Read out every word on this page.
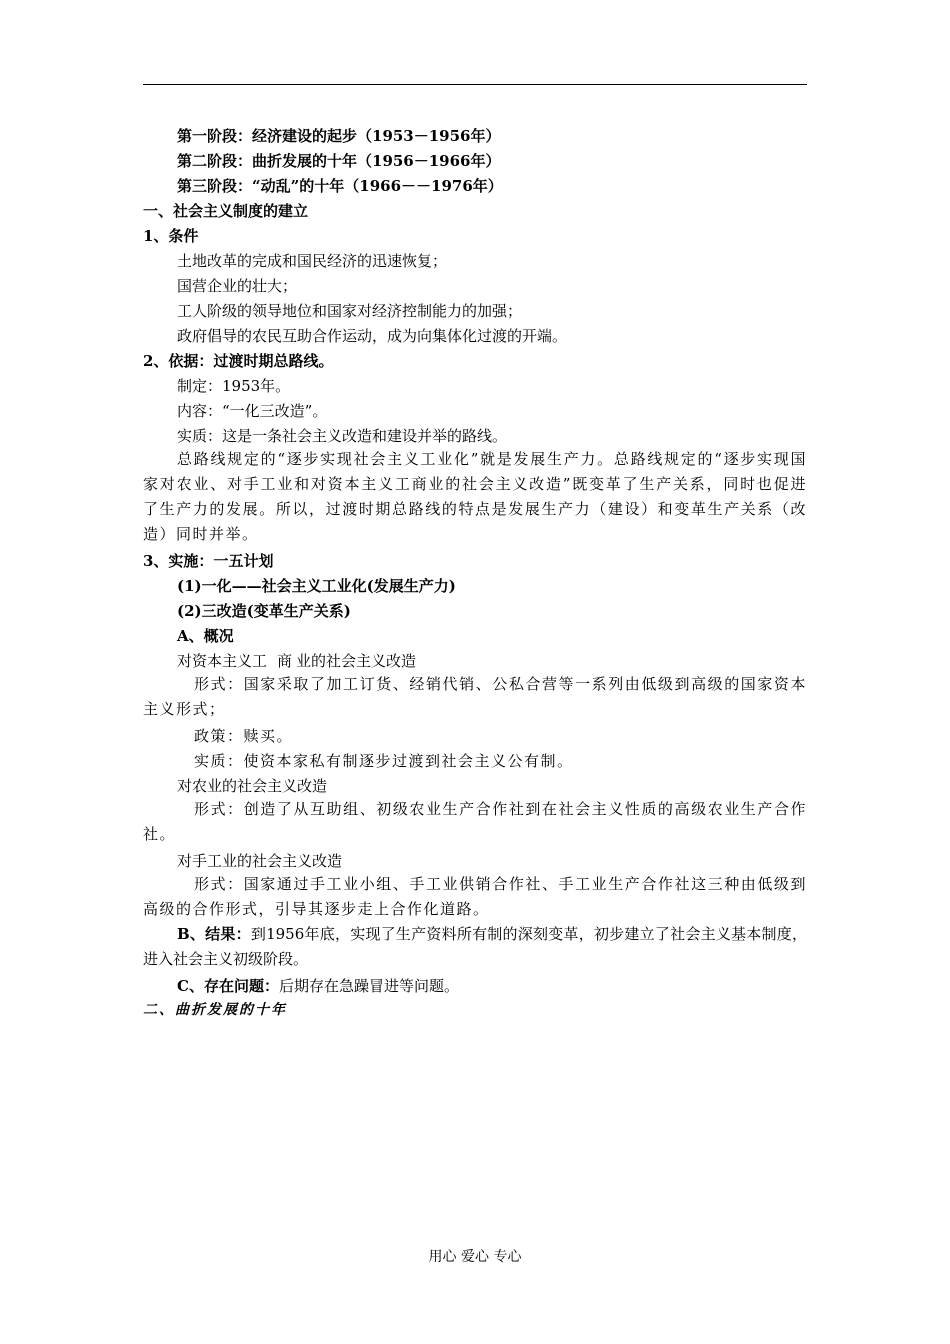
第一阶段：经济建设的起步（1953－1956年）
第二阶段：曲折发展的十年（1956－1966年）
第三阶段：“动乱”的十年（1966－－1976年）
一、社会主义制度的建立
1、条件
土地改革的完成和国民经济的迅速恢复；
国营企业的壮大；
工人阶级的领导地位和国家对经济控制能力的加强；
政府倡导的农民互助合作运动，成为向集体化过渡的开端。
2、依据：过渡时期总路线。
制定：1953年。
内容：“一化三改造”。
实质：这是一条社会主义改造和建设并举的路线。
总路线规定的“逐步实现社会主义工业化”就是发展生产力。总路线规定的“逐步实现国家对农业、对手工业和对资本主义工商业的社会主义改造”既变革了生产关系，同时也促进了生产力的发展。所以，过渡时期总路线的特点是发展生产力（建设）和变革生产关系（改造）同时并举。
3、实施：一五计划
(1)一化——社会主义工业化(发展生产力)
(2)三改造(变革生产关系)
A、概况
对资本主义工商业的社会主义改造
形式：国家采取了加工订货、经销代销、公私合营等一系列由低级到高级的国家资本主义形式；
政策：赎买。
实质：使资本家私有制逐步过渡到社会主义公有制。
对农业的社会主义改造
形式：创造了从互助组、初级农业生产合作社到在社会主义性质的高级农业生产合作社。
对手工业的社会主义改造
形式：国家通过手工业小组、手工业供销合作社、手工业生产合作社这三种由低级到高级的合作形式，引导其逐步走上合作化道路。
B、结果：到1956年底，实现了生产资料所有制的深刻变革，初步建立了社会主义基本制度，进入社会主义初级阶段。
C、存在问题：后期存在急躁冒进等问题。
二、曲折发展的十年
用心 爱心 专心
